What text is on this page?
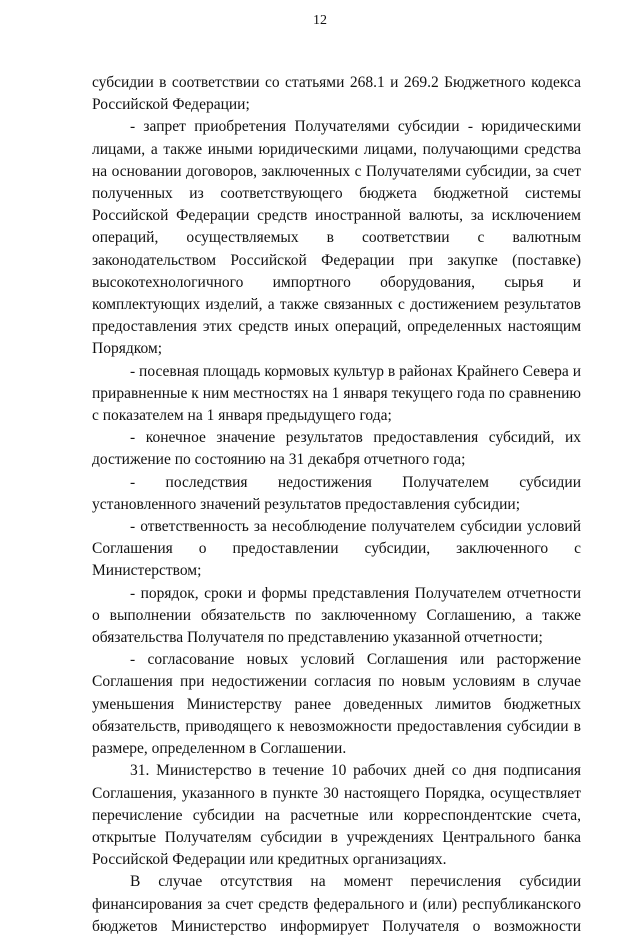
12

субсидии в соответствии со статьями 268.1 и 269.2 Бюджетного кодекса Российской Федерации;

- запрет приобретения Получателями субсидии - юридическими лицами, а также иными юридическими лицами, получающими средства на основании договоров, заключенных с Получателями субсидии, за счет полученных из соответствующего бюджета бюджетной системы Российской Федерации средств иностранной валюты, за исключением операций, осуществляемых в соответствии с валютным законодательством Российской Федерации при закупке (поставке) высокотехнологичного импортного оборудования, сырья и комплектующих изделий, а также связанных с достижением результатов предоставления этих средств иных операций, определенных настоящим Порядком;

- посевная площадь кормовых культур в районах Крайнего Севера и приравненные к ним местностях на 1 января текущего года по сравнению с показателем на 1 января предыдущего года;

- конечное значение результатов предоставления субсидий, их достижение по состоянию на 31 декабря отчетного года;

- последствия недостижения Получателем субсидии установленного значений результатов предоставления субсидии;

- ответственность за несоблюдение получателем субсидии условий Соглашения о предоставлении субсидии, заключенного с Министерством;

- порядок, сроки и формы представления Получателем отчетности о выполнении обязательств по заключенному Соглашению, а также обязательства Получателя по представлению указанной отчетности;

- согласование новых условий Соглашения или расторжение Соглашения при недостижении согласия по новым условиям в случае уменьшения Министерству ранее доведенных лимитов бюджетных обязательств, приводящего к невозможности предоставления субсидии в размере, определенном в Соглашении.

31. Министерство в течение 10 рабочих дней со дня подписания Соглашения, указанного в пункте 30 настоящего Порядка, осуществляет перечисление субсидии на расчетные или корреспондентские счета, открытые Получателям субсидии в учреждениях Центрального банка Российской Федерации или кредитных организациях.

В случае отсутствия на момент перечисления субсидии финансирования за счет средств федерального и (или) республиканского бюджетов Министерство информирует Получателя о возможности
